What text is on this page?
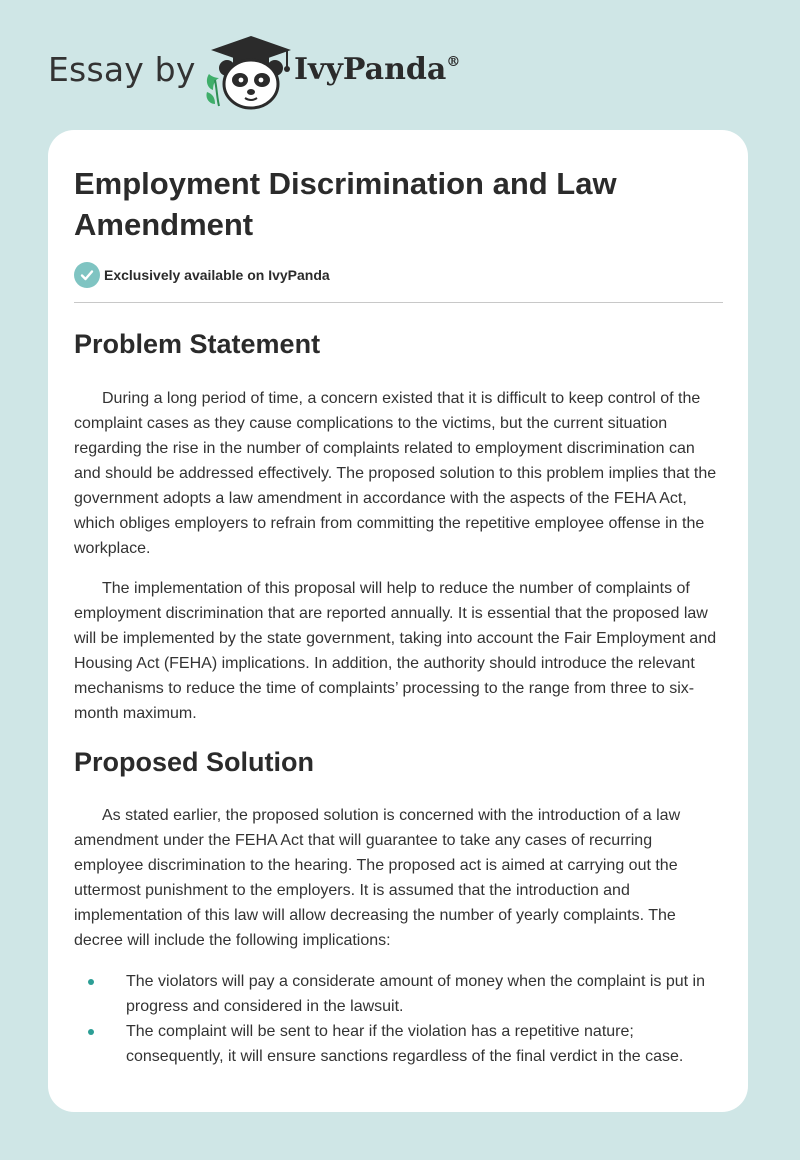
Essay by	IvyPanda®
Employment Discrimination and Law Amendment
Exclusively available on IvyPanda
Problem Statement

During a long period of time, a concern existed that it is difficult to keep control of the complaint cases as they cause complications to the victims, but the current situation regarding the rise in the number of complaints related to employment discrimination can and should be addressed effectively. The proposed solution to this problem implies that the government adopts a law amendment in accordance with the aspects of the FEHA Act, which obliges employers to refrain from committing the repetitive employee offense in the workplace.

The implementation of this proposal will help to reduce the number of complaints of employment discrimination that are reported annually. It is essential that the proposed law will be implemented by the state government, taking into account the Fair Employment and Housing Act (FEHA) implications. In addition, the authority should introduce the relevant mechanisms to reduce the time of complaints’ processing to the range from three to six-month maximum.

Proposed Solution

As stated earlier, the proposed solution is concerned with the introduction of a law amendment under the FEHA Act that will guarantee to take any cases of recurring employee discrimination to the hearing. The proposed act is aimed at carrying out the uttermost punishment to the employers. It is assumed that the introduction and implementation of this law will allow decreasing the number of yearly complaints. The decree will include the following implications:

The violators will pay a considerate amount of money when the complaint is put in progress and considered in the lawsuit.
The complaint will be sent to hear if the violation has a repetitive nature; consequently, it will ensure sanctions regardless of the final verdict in the case.
